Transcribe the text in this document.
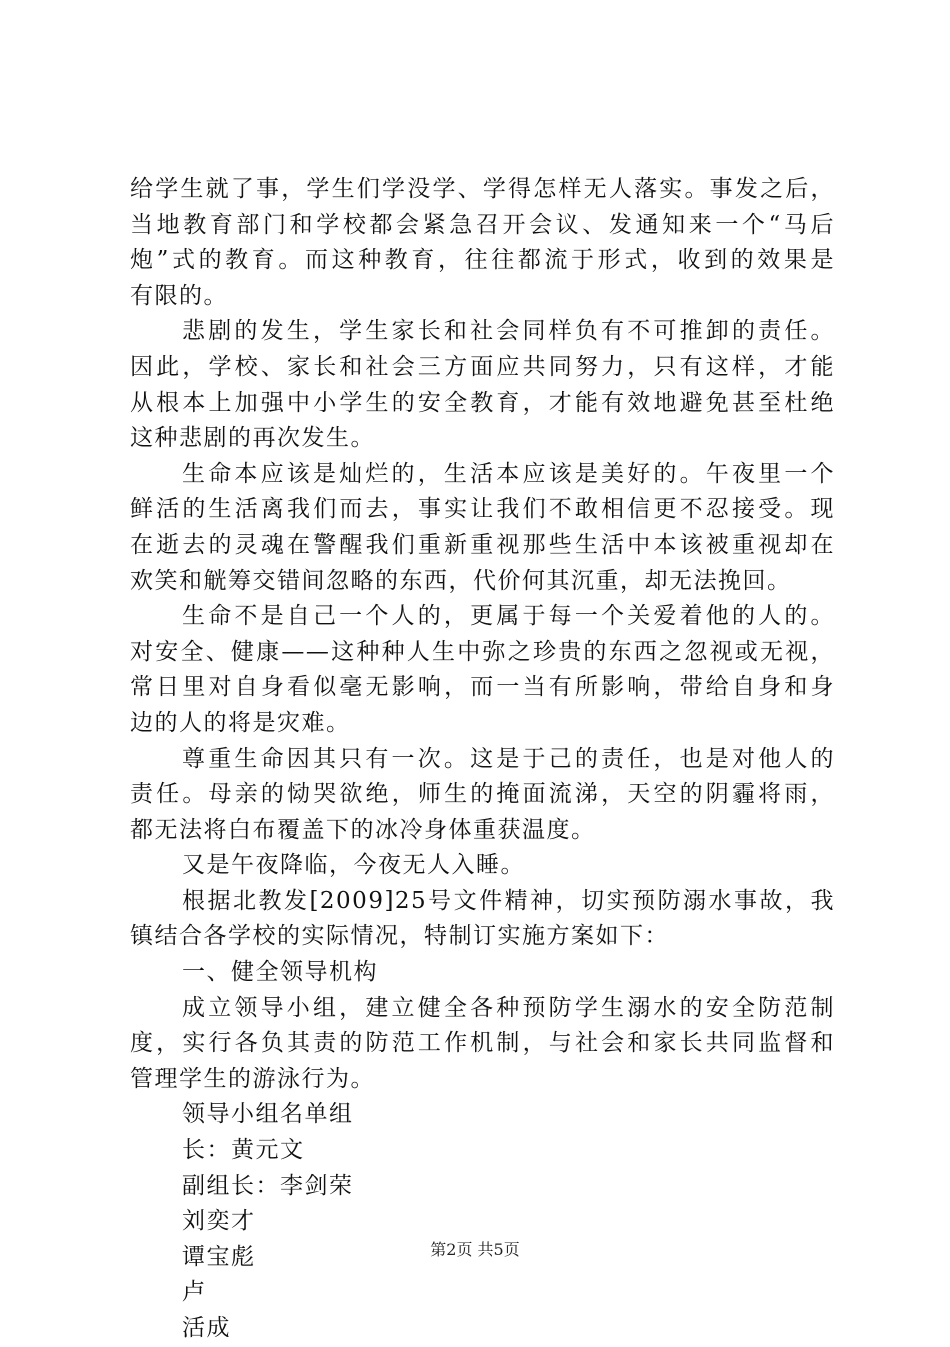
给学生就了事，学生们学没学、学得怎样无人落实。事发之后，
当地教育部门和学校都会紧急召开会议、发通知来一个“马后
炮”式的教育。而这种教育，往往都流于形式，收到的效果是
有限的。
悲剧的发生，学生家长和社会同样负有不可推卸的责任。
因此，学校、家长和社会三方面应共同努力，只有这样，才能
从根本上加强中小学生的安全教育，才能有效地避免甚至杜绝
这种悲剧的再次发生。
生命本应该是灿烂的，生活本应该是美好的。午夜里一个
鲜活的生活离我们而去，事实让我们不敢相信更不忍接受。现
在逝去的灵魂在警醒我们重新重视那些生活中本该被重视却在
欢笑和觥筹交错间忽略的东西，代价何其沉重，却无法挽回。
生命不是自己一个人的，更属于每一个关爱着他的人的。
对安全、健康——这种种人生中弥之珍贵的东西之忽视或无视，
常日里对自身看似毫无影响，而一当有所影响，带给自身和身
边的人的将是灾难。
尊重生命因其只有一次。这是于己的责任，也是对他人的
责任。母亲的恸哭欲绝，师生的掩面流涕，天空的阴霾将雨，
都无法将白布覆盖下的冰冷身体重获温度。
又是午夜降临，今夜无人入睡。
根据北教发[2009]25号文件精神，切实预防溺水事故，我
镇结合各学校的实际情况，特制订实施方案如下：
一、健全领导机构
成立领导小组，建立健全各种预防学生溺水的安全防范制
度，实行各负其责的防范工作机制，与社会和家长共同监督和
管理学生的游泳行为。
领导小组名单组
长：黄元文
副组长：李剑荣
刘奕才
谭宝彪
卢
活成
第2页 共5页
